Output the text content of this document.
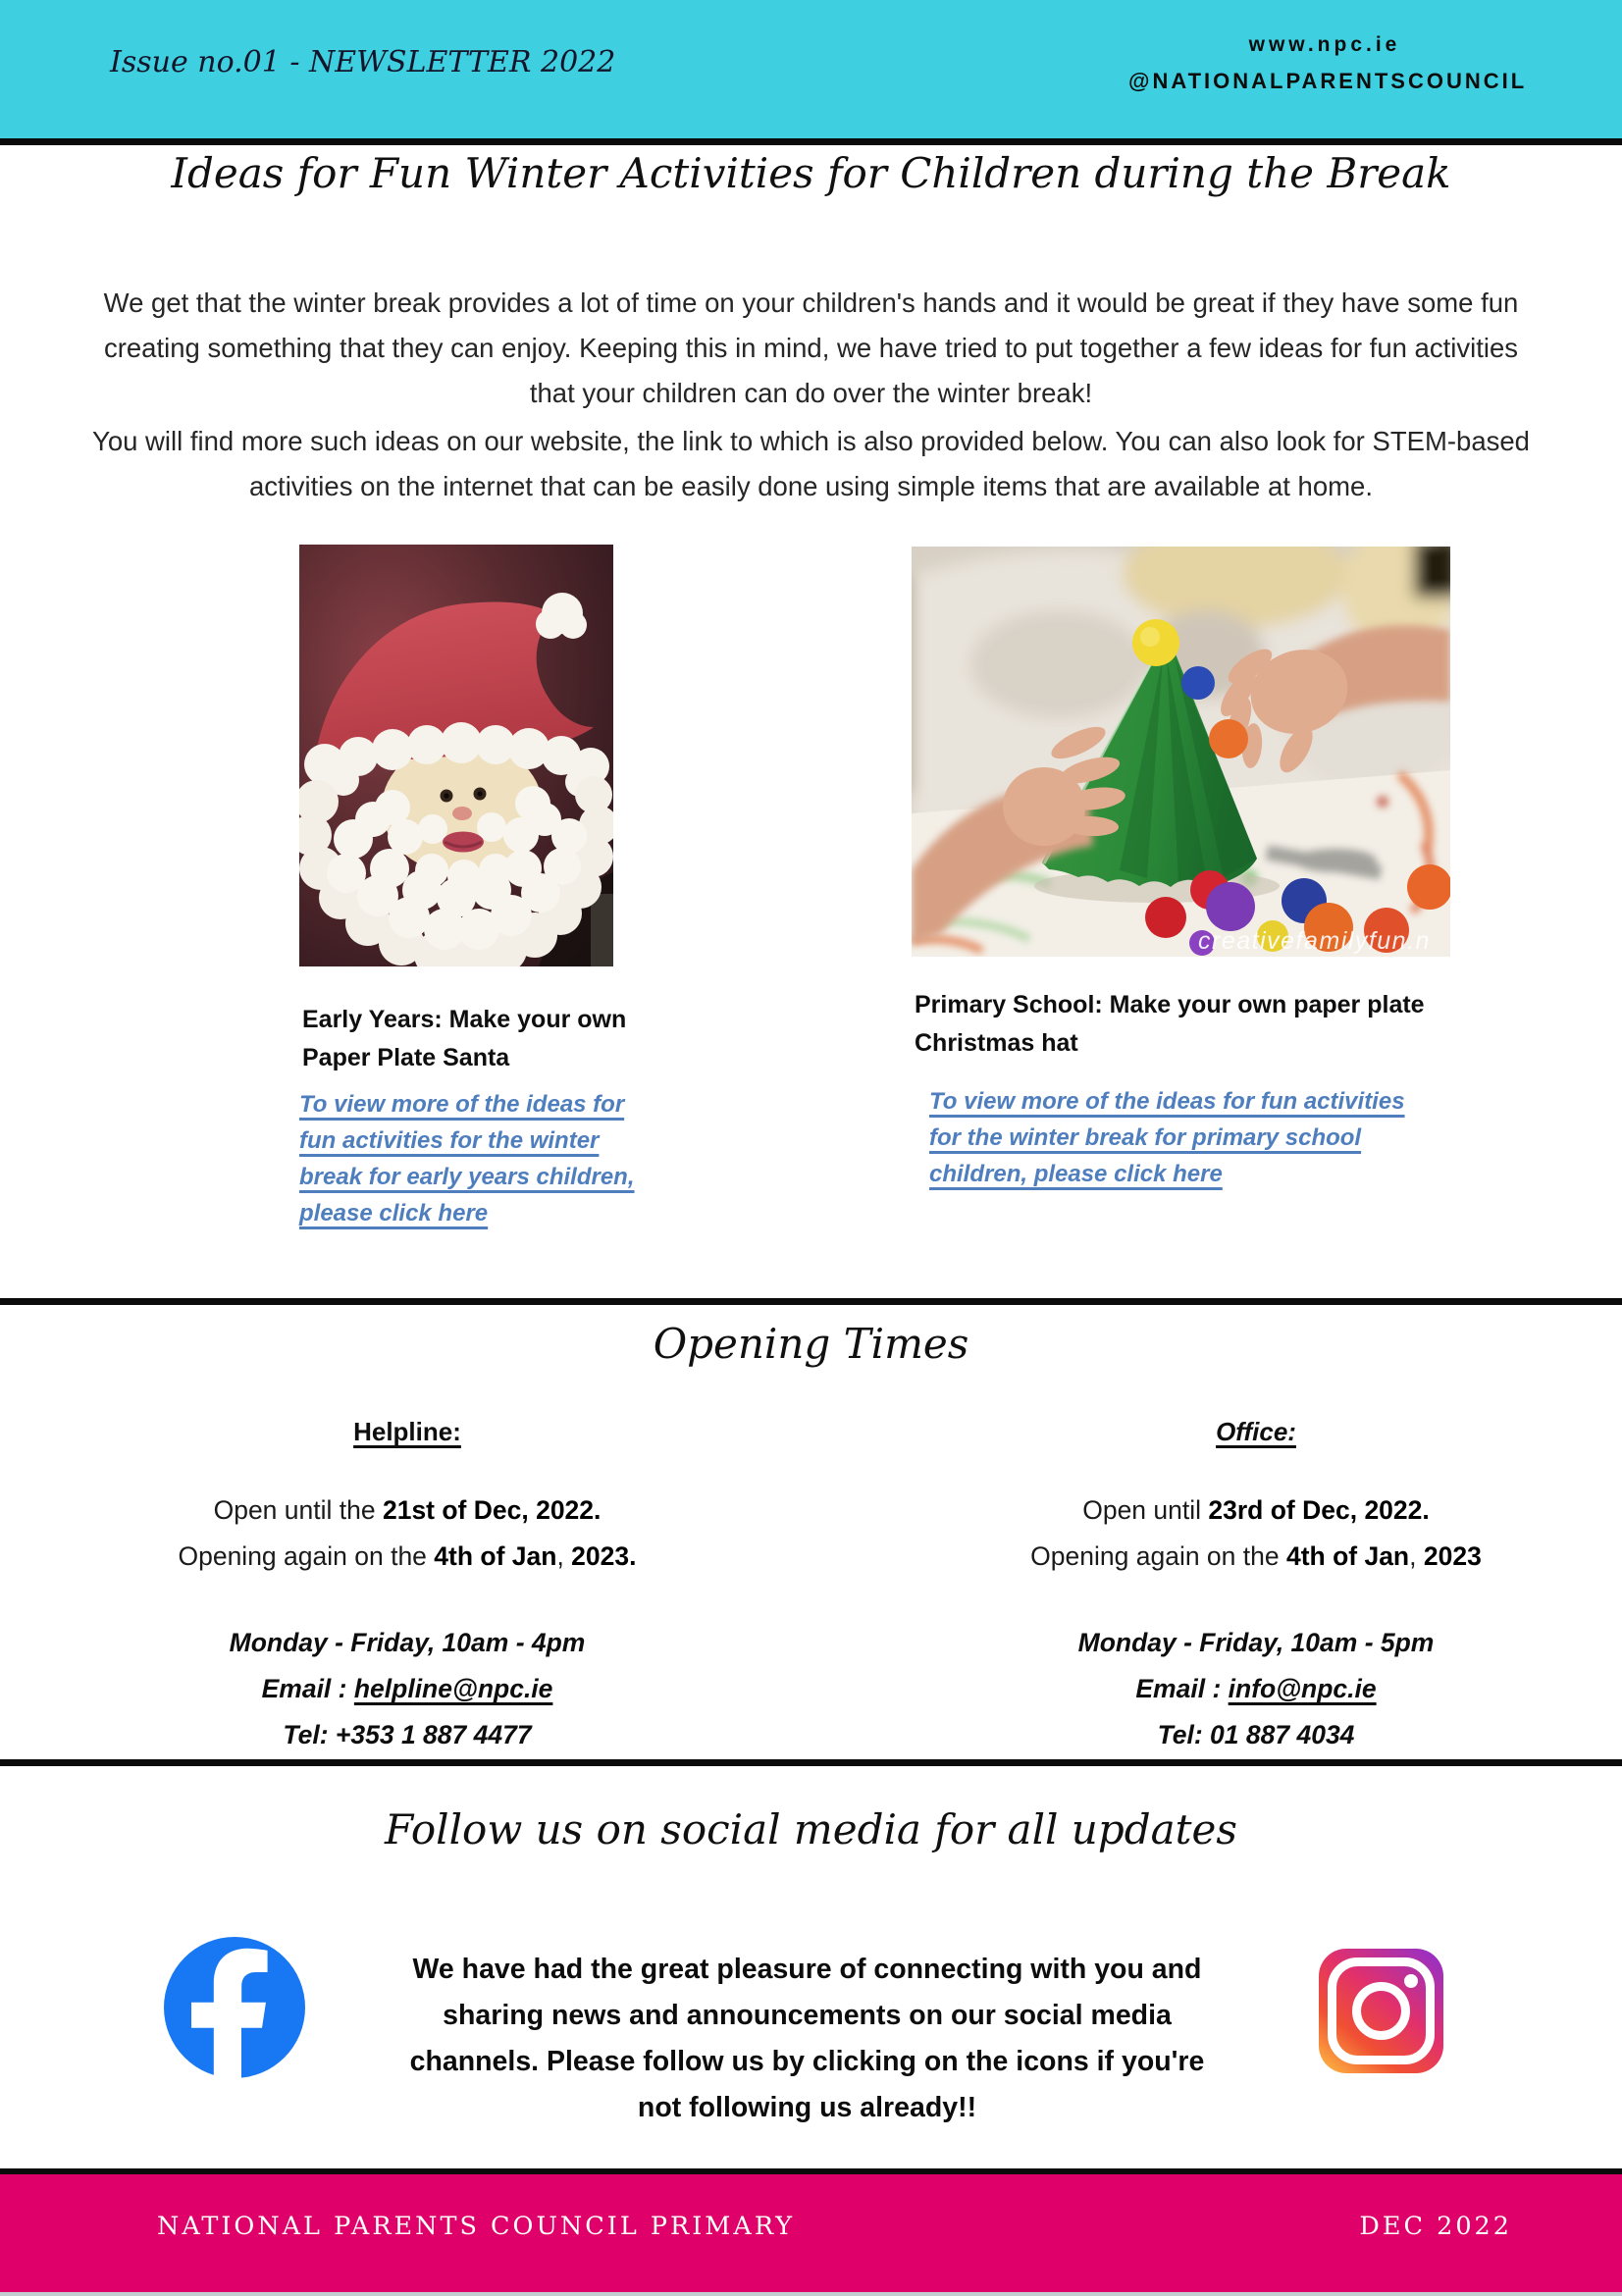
Issue no.01 - NEWSLETTER 2022
www.npc.ie
@NATIONALPARENTSCOUNCIL
Ideas for Fun Winter Activities for Children during the Break
We get that the winter break provides a lot of time on your children's hands and it would be great if they have some fun creating something that they can enjoy. Keeping this in mind, we have tried to put together a few ideas for fun activities that your children can do over the winter break!
You will find more such ideas on our website, the link to which is also provided below. You can also look for STEM-based activities on the internet that can be easily done using simple items that are available at home.
creativefamilyfun.n
Early Years: Make your own Paper Plate Santa
Primary School: Make your own paper plate Christmas hat
To view more of the ideas for fun activities for the winter break for early years children, please click here
To view more of the ideas for fun activities for the winter break for primary school children, please click here
Opening Times
Helpline:	Office:
Open until the 21st of Dec, 2022.
Opening again on the 4th of Jan, 2023.
Open until 23rd of Dec, 2022.
Opening again on the 4th of Jan, 2023
Monday - Friday, 10am - 4pm
Email : helpline@npc.ie
Tel: +353 1 887 4477
Monday - Friday, 10am - 5pm
Email : info@npc.ie
Tel: 01 887 4034
Follow us on social media for all updates
We have had the great pleasure of connecting with you and sharing news and announcements on our social media channels. Please follow us by clicking on the icons if you're not following us already!!
NATIONAL PARENTS COUNCIL PRIMARY	DEC 2022
